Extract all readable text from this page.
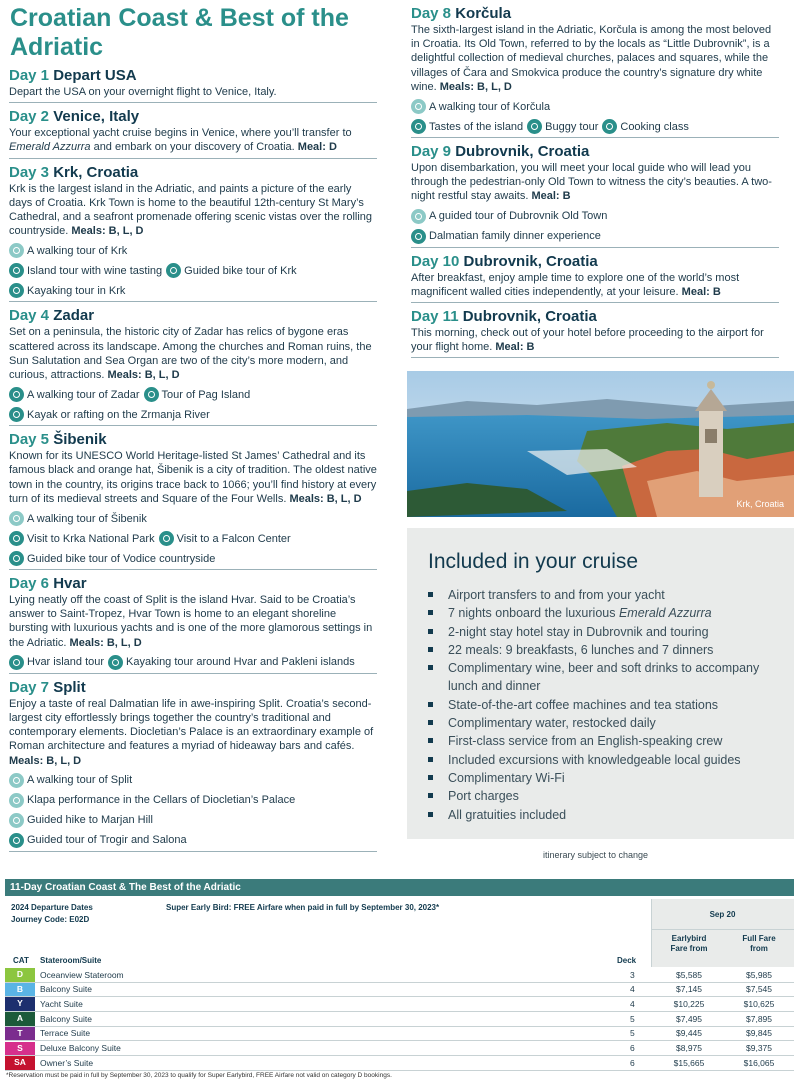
Croatian Coast & Best of the Adriatic
Day 1 Depart USA

Depart the USA on your overnight flight to Venice, Italy.

Day 2 Venice, Italy

Your exceptional yacht cruise begins in Venice, where you’ll transfer to Emerald Azzurra and embark on your discovery of Croatia. Meal: D

Day 3 Krk, Croatia

Krk is the largest island in the Adriatic, and paints a picture of the early days of Croatia. Krk Town is home to the beautiful 12th-century St Mary’s Cathedral, and a seafront promenade offering scenic vistas over the rolling countryside. Meals: B, L, D

A walking tour of Krk
Island tour with wine tasting Guided bike tour of Krk
Kayaking tour in Krk
Day 4 Zadar

Set on a peninsula, the historic city of Zadar has relics of bygone eras scattered across its landscape. Among the churches and Roman ruins, the Sun Salutation and Sea Organ are two of the city’s more modern, and curious, attractions. Meals: B, L, D

A walking tour of Zadar Tour of Pag Island
Kayak or rafting on the Zrmanja River
Day 5 Šibenik

Known for its UNESCO World Heritage-listed St James’ Cathedral and its famous black and orange hat, Šibenik is a city of tradition. The oldest native town in the country, its origins trace back to 1066; you’ll find history at every turn of its medieval streets and Square of the Four Wells. Meals: B, L, D

A walking tour of Šibenik
Visit to Krka National Park Visit to a Falcon Center
Guided bike tour of Vodice countryside
Day 6 Hvar

Lying neatly off the coast of Split is the island Hvar. Said to be Croatia’s answer to Saint-Tropez, Hvar Town is home to an elegant shoreline bursting with luxurious yachts and is one of the more glamorous settings in the Adriatic. Meals: B, L, D

Hvar island tour Kayaking tour around Hvar and Pakleni islands
Day 7 Split

Enjoy a taste of real Dalmatian life in awe-inspiring Split. Croatia’s second-largest city effortlessly brings together the country’s traditional and contemporary elements. Diocletian’s Palace is an extraordinary example of Roman architecture and features a myriad of hideaway bars and cafés. Meals: B, L, D

A walking tour of Split
Klapa performance in the Cellars of Diocletian’s Palace
Guided hike to Marjan Hill
Guided tour of Trogir and Salona
Day 8 Korčula

The sixth-largest island in the Adriatic, Korčula is among the most beloved in Croatia. Its Old Town, referred to by the locals as “Little Dubrovnik”, is a delightful collection of medieval churches, palaces and squares, while the villages of Čara and Smokvica produce the country’s signature dry white wine. Meals: B, L, D

A walking tour of Korčula
Tastes of the island Buggy tour Cooking class
Day 9 Dubrovnik, Croatia

Upon disembarkation, you will meet your local guide who will lead you through the pedestrian-only Old Town to witness the city’s beauties. A two-night restful stay awaits. Meal: B

A guided tour of Dubrovnik Old Town
Dalmatian family dinner experience
Day 10 Dubrovnik, Croatia

After breakfast, enjoy ample time to explore one of the world’s most magnificent walled cities independently, at your leisure. Meal: B

Day 11 Dubrovnik, Croatia

This morning, check out of your hotel before proceeding to the airport for your flight home. Meal: B

Krk, Croatia
Included in your cruise
Airport transfers to and from your yacht
7 nights onboard the luxurious Emerald Azzurra
2-night stay hotel stay in Dubrovnik and touring
22 meals: 9 breakfasts, 6 lunches and 7 dinners
Complimentary wine, beer and soft drinks to accompany lunch and dinner
State-of-the-art coffee machines and tea stations
Complimentary water, restocked daily
First-class service from an English-speaking crew
Included excursions with knowledgeable local guides
Complimentary Wi-Fi
Port charges
All gratuities included
itinerary subject to change
11-Day Croatian Coast & The Best of the Adriatic
2024 Departure Dates
Journey Code: E02D
Super Early Bird: FREE Airfare when paid in full by September 30, 2023*
Sep 20
Earlybird Fare from
Full Fare from
CAT Stateroom/Suite	Deck
D	Oceanview Stateroom	3	$5,585	$5,985
B	Balcony Suite	4	$7,145	$7,545
Y	Yacht Suite	4	$10,225	$10,625
A	Balcony Suite	5	$7,495	$7,895
T	Terrace Suite	5	$9,445	$9,845
S	Deluxe Balcony Suite	6	$8,975	$9,375
SA	Owner’s Suite	6	$15,665	$16,065
*Reservation must be paid in full by September 30, 2023 to qualify for Super Earlybird, FREE Airfare not valid on category D bookings.
